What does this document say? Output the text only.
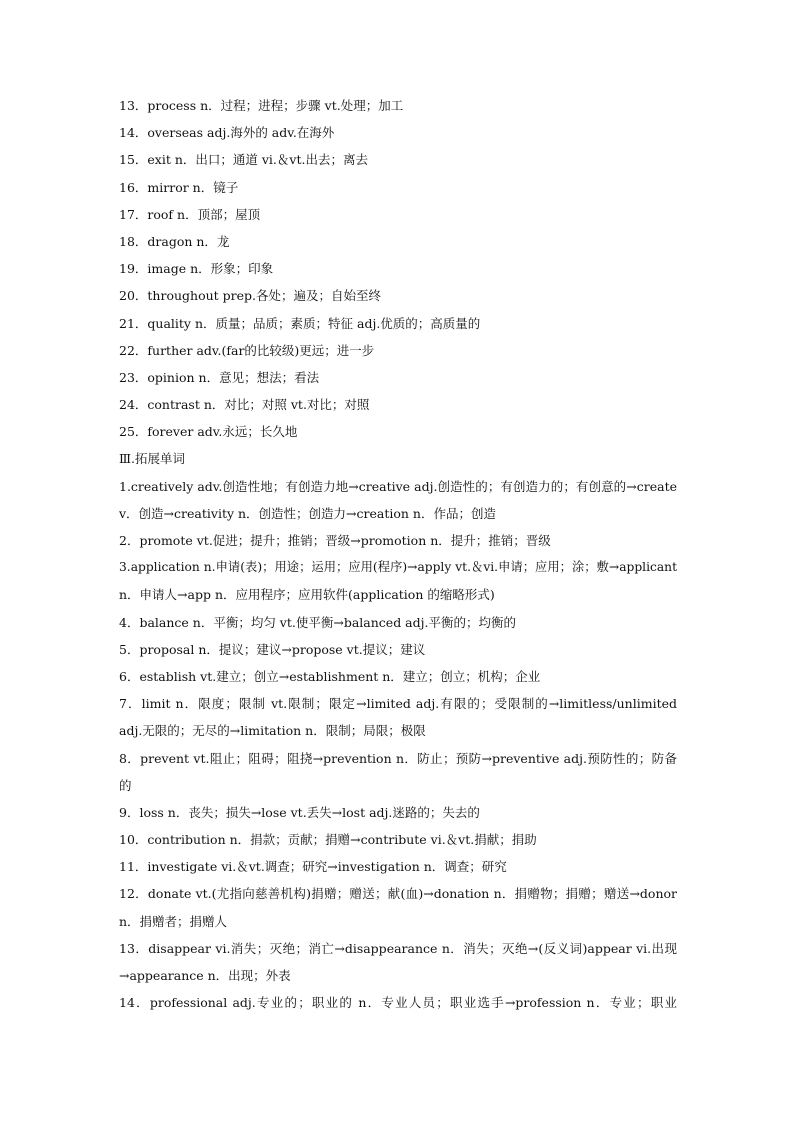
13．process n．过程；进程；步骤 vt.处理；加工
14．overseas adj.海外的 adv.在海外
15．exit n．出口；通道 vi.＆vt.出去；离去
16．mirror n．镜子
17．roof n．顶部；屋顶
18．dragon n．龙
19．image n．形象；印象
20．throughout prep.各处；遍及；自始至终
21．quality n．质量；品质；素质；特征 adj.优质的；高质量的
22．further adv.(far的比较级)更远；进一步
23．opinion n．意见；想法；看法
24．contrast n．对比；对照 vt.对比；对照
25．forever adv.永远；长久地
Ⅲ.拓展单词
1.creatively adv.创造性地；有创造力地→creative adj.创造性的；有创造力的；有创意的→create
v．创造→creativity n．创造性；创造力→creation n．作品；创造
2．promote vt.促进；提升；推销；晋级→promotion n．提升；推销；晋级
3.application n.申请(表)；用途；运用；应用(程序)→apply vt.＆vi.申请；应用；涂；敷→applicant
n．申请人→app n．应用程序；应用软件(application 的缩略形式)
4．balance n．平衡；均匀 vt.使平衡→balanced adj.平衡的；均衡的
5．proposal n．提议；建议→propose vt.提议；建议
6．establish vt.建立；创立→establishment n．建立；创立；机构；企业
7．limit n．限度；限制 vt.限制；限定→limited adj.有限的；受限制的→limitless/unlimited
adj.无限的；无尽的→limitation n．限制；局限；极限
8．prevent vt.阻止；阻碍；阻挠→prevention n．防止；预防→preventive adj.预防性的；防备
的
9．loss n．丧失；损失→lose vt.丢失→lost adj.迷路的；失去的
10．contribution n．捐款；贡献；捐赠→contribute vi.＆vt.捐献；捐助
11．investigate vi.＆vt.调查；研究→investigation n．调查；研究
12．donate vt.(尤指向慈善机构)捐赠；赠送；献(血)→donation n．捐赠物；捐赠；赠送→donor
n．捐赠者；捐赠人
13．disappear vi.消失；灭绝；消亡→disappearance n．消失；灭绝→(反义词)appear vi.出现
→appearance n．出现；外表
14．professional adj.专业的；职业的 n．专业人员；职业选手→profession n．专业；职业
